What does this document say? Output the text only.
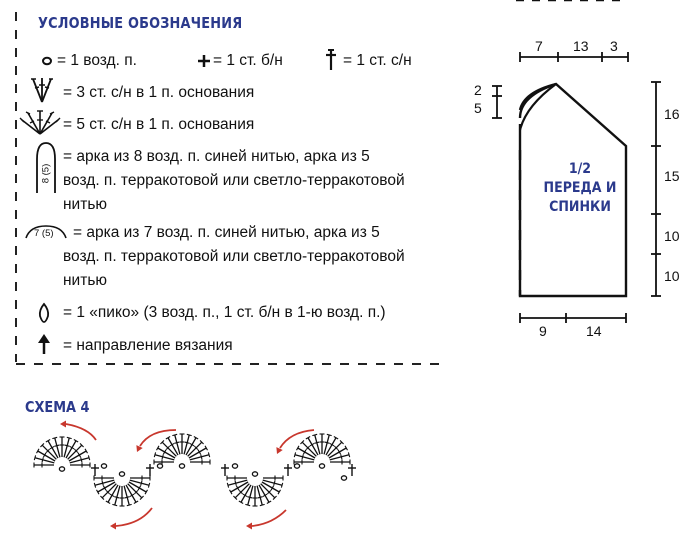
УСЛОВНЫЕ ОБОЗНАЧЕНИЯ
= 1 возд. п.	= 1 ст. б/н	= 1 ст. с/н
= 3 ст. с/н в 1 п. основания
= 5 ст. с/н в 1 п. основания
8 (5)
= арка из 8 возд. п. синей нитью, арка из 5
возд. п. терракотовой или светло-терракотовой
нитью
7 (5) = арка из 7 возд. п. синей нитью, арка из 5
возд. п. терракотовой или светло-терракотовой
нитью
= 1 «пико» (3 возд. п., 1 ст. б/н в 1-ю возд. п.)
= направление вязания
7 13 3
2
5	16
15
10
10
9	14
1/2
ПЕРЕДА И
СПИНКИ
СХЕМА 4
